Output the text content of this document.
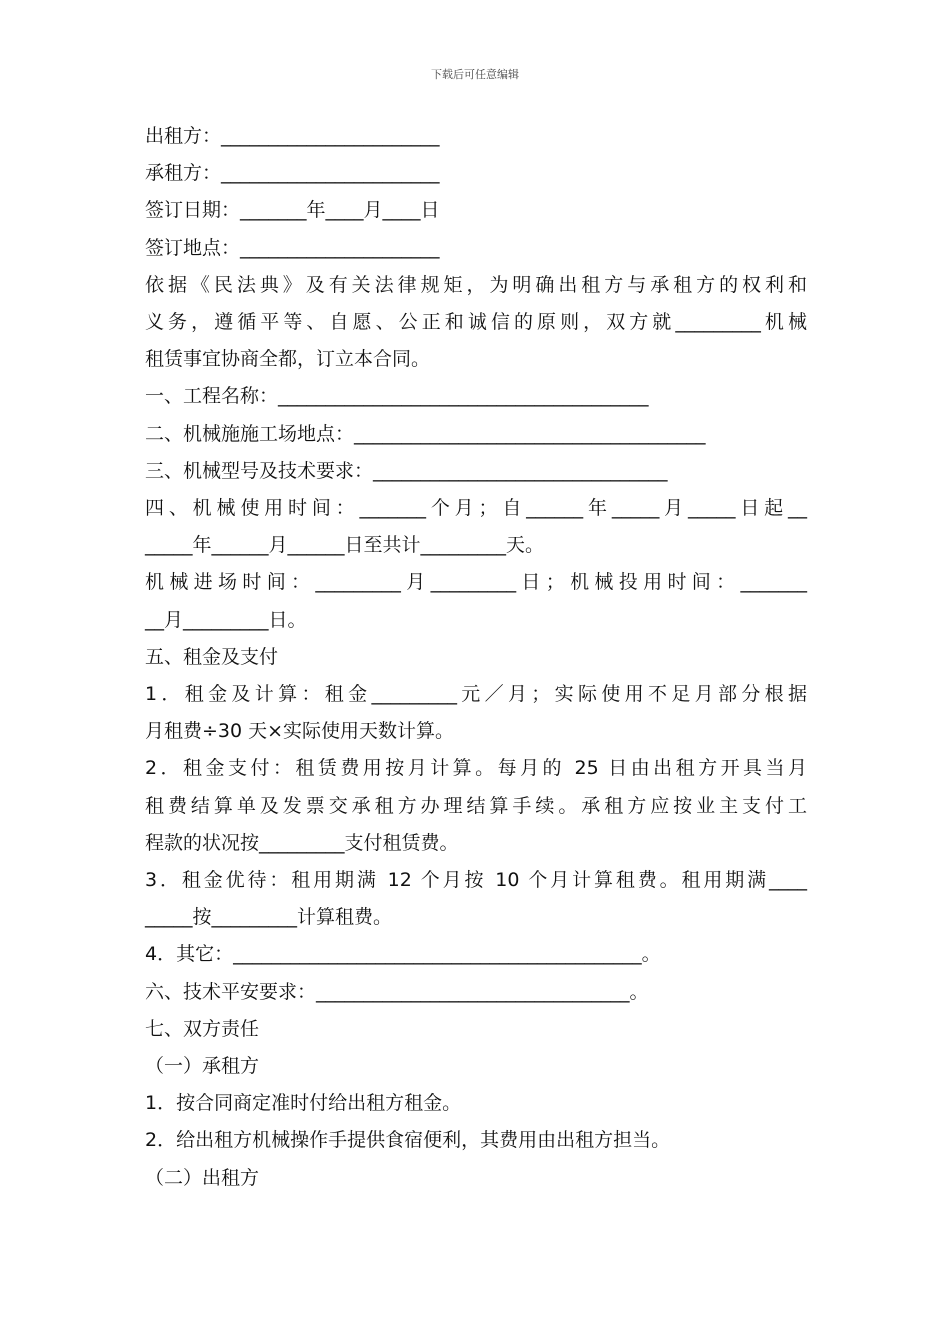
下载后可任意编辑

出租方：_______________________

承租方：_______________________

签订日期：_______年____月____日

签订地点：_____________________

依据《民法典》及有关法律规矩，为明确出租方与承租方的权利和

义务，遵循平等、自愿、公正和诚信的原则，双方就_________机械

租赁事宜协商全都，订立本合同。

一、工程名称：_______________________________________

二、机械施施工场地点：_____________________________________

三、机械型号及技术要求：_______________________________

四、机械使用时间：_______个月；自______年_____月_____日起__

_____年______月______日至共计_________天。

机械进场时间：_________月_________日；机械投用时间：_______

__月_________日。

五、租金及支付

1．租金及计算：租金_________元／月；实际使用不足月部分根据

月租费÷30 天×实际使用天数计算。

2．租金支付：租赁费用按月计算。每月的 25 日由出租方开具当月

租费结算单及发票交承租方办理结算手续。承租方应按业主支付工

程款的状况按_________支付租赁费。

3．租金优待：租用期满 12 个月按 10 个月计算租费。租用期满____

_____按_________计算租费。

4．其它：___________________________________________。

六、技术平安要求：_________________________________。

七、双方责任

（一）承租方

1．按合同商定准时付给出租方租金。

2．给出租方机械操作手提供食宿便利，其费用由出租方担当。

（二）出租方
